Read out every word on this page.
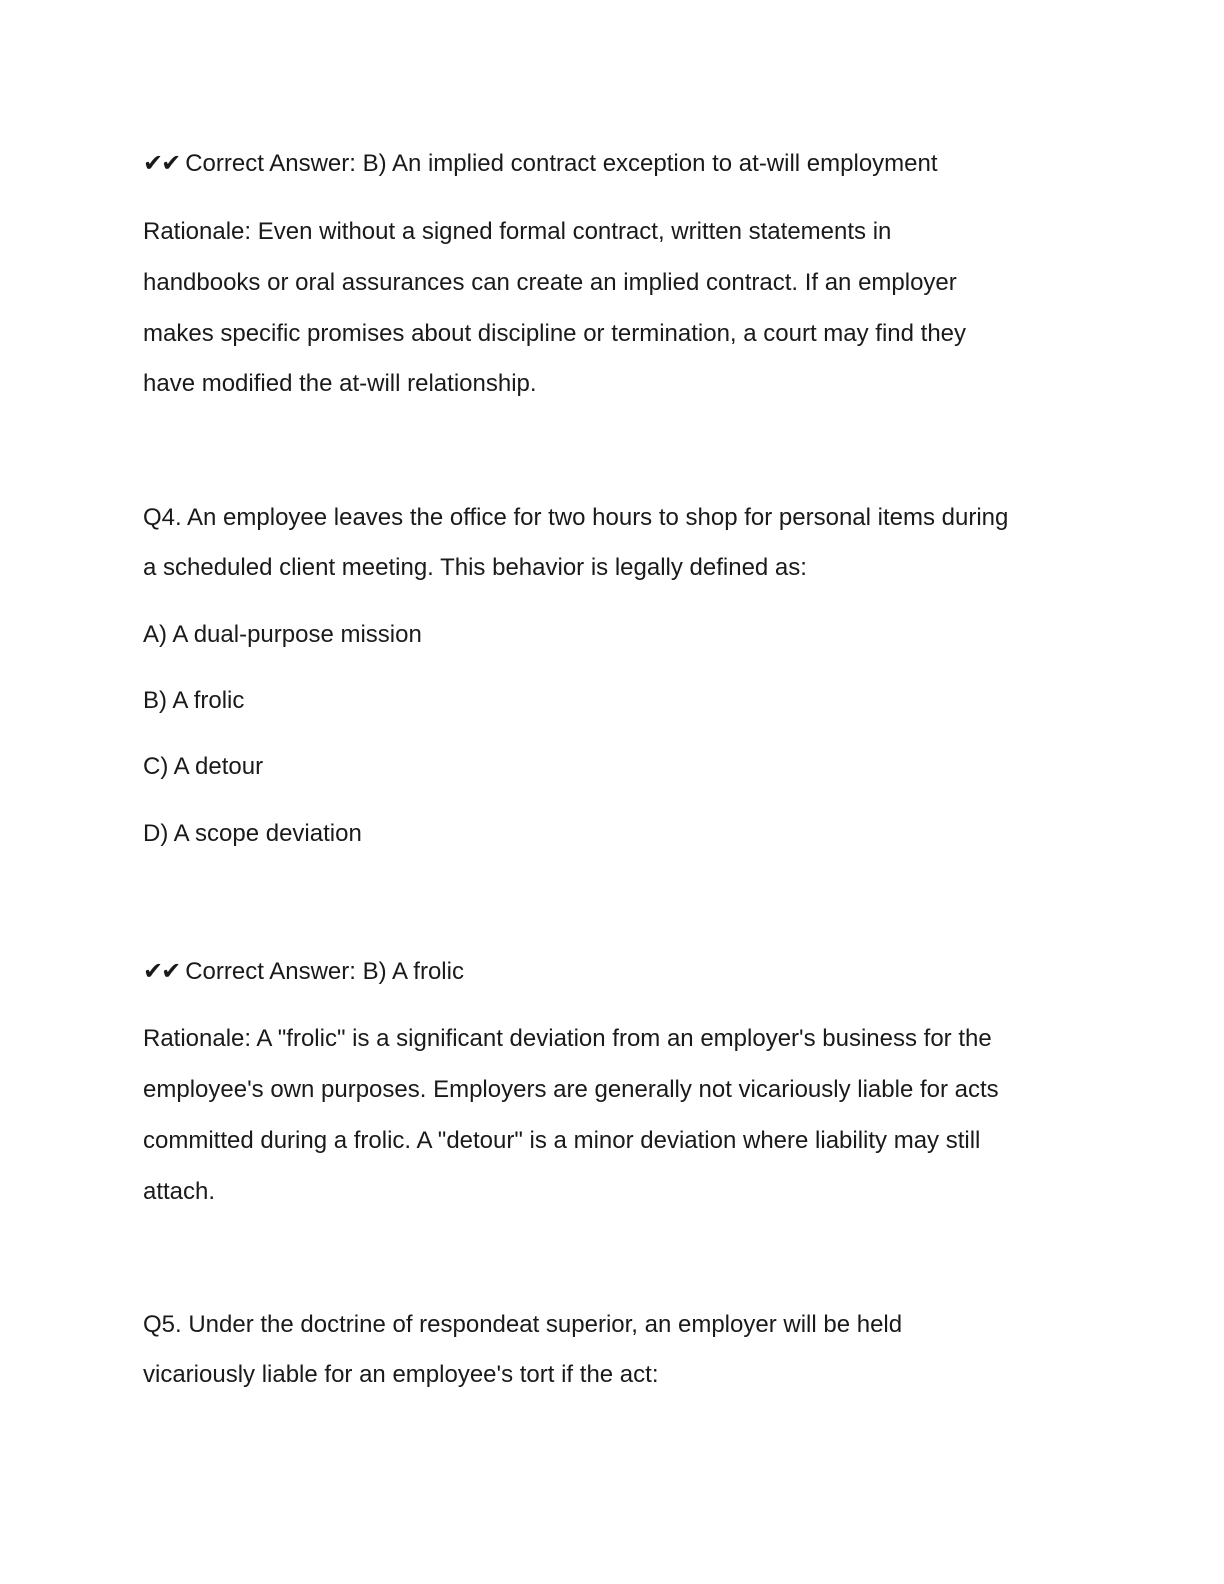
✔✔ Correct Answer: B) An implied contract exception to at-will employment
Rationale: Even without a signed formal contract, written statements in
handbooks or oral assurances can create an implied contract. If an employer
makes specific promises about discipline or termination, a court may find they
have modified the at-will relationship.
Q4. An employee leaves the office for two hours to shop for personal items during
a scheduled client meeting. This behavior is legally defined as:
A) A dual-purpose mission
B) A frolic
C) A detour
D) A scope deviation
✔✔ Correct Answer: B) A frolic
Rationale: A "frolic" is a significant deviation from an employer's business for the
employee's own purposes. Employers are generally not vicariously liable for acts
committed during a frolic. A "detour" is a minor deviation where liability may still
attach.
Q5. Under the doctrine of respondeat superior, an employer will be held
vicariously liable for an employee's tort if the act:
